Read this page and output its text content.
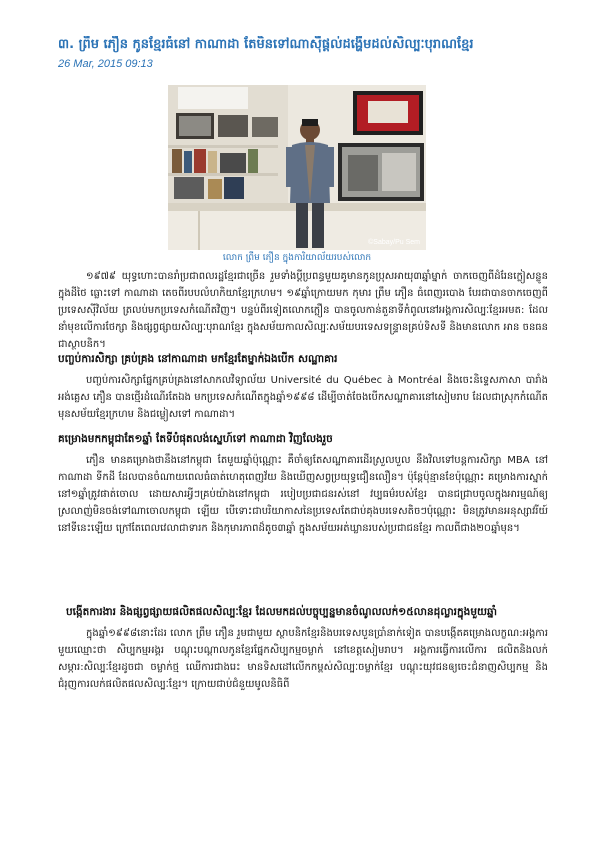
៣. ព្រឹម ភឿន កូនខ្មែរធំនៅ កាណាដា តែមិនទៅណាស៊ីផ្តល់ដង្ហើមដល់សិល្បៈបុរាណខ្មែរ
26 Mar, 2015 09:13
©Sabay/Pu Sem
លោក ព្រឹម ភឿន ក្នុងការិយាល័យរបស់លោក
១៩៧៩ យុទ្ធហោះបានរាំប្រជាពលរដ្ឋខ្មែរជាច្រើន រួមទាំងប្តីប្រពន្ធមួយគូមានកូនប្រុសអាយុ៣ឆ្នាំម្នាក់ ចាកចេញពីដំរែនក្លៀសន្លូនក្នុងដីថៃ ធ្លោះទៅ កាណាដា តេចពីរបបលំហកិយាខ្មែរក្រហម។ ១៩ឆ្នាំក្រោយមក កុមារ ព្រឹម ភឿន ធំពេញរបោង បែរជាបានចាកចេញពីប្រទេសស៊ីវិល័យ ត្រលប់មកប្រទេសកំណើតវិញ។ បន្ទប់ពីរទៀតលោកក្លឿន បានចូលកាន់តួនាទីកំពូលនៅអង្គការសិល្បៈខ្មែរអមត: ដែលនាំមុខលើការថែក្សា និងផ្សព្វផ្សាយសិល្បៈបុរាណខ្មែរ ក្នុងសម័យកាលសិល្បៈសម័យបរទេសទន្ទ្រានគ្រប់ទិសទី និងមានលោក អាន ចនធន ជាស្ថាបនិក។
បញ្ចប់ការសិក្សា គ្រប់គ្រង នៅកាណាដា មកខ្មែរតែម្នាក់ឯងបើក សណ្ឋាគារ
បញ្ចប់ការសិក្សាផ្នែកគ្រប់គ្រងនៅសាកលវិទ្យាល័យ Université du Québec à Montréal និងចេះនិទ្ទេសភាសា បារាំង អង់គ្លេស ភឿន បានថ្មើរដំណើរតែឯង មកប្រទេសកំណើតក្នុងឆ្នាំ១៩៩៨ ដើម្បីចាត់ចែងបើកសណ្ឋាគារនៅសៀមរាប ដែលជាស្រុកកំណើតមុនសម័យខ្មែរក្រហម និងជម្លៀសទៅ កាណាដា។
គម្រោងមកកម្ពុជាតែ១ឆ្នាំ តែទីបំផុតលង់ស្នេហ៍ទៅ កាណាដា វិញលែងរួច
ភឿន មានគម្រោងថានឹងនៅកម្ពុជា តែមួយឆ្នាំប៉ុណ្ណោះ គឺចាំឲ្យតែសណ្ឋាគារដើរស្រួលបួល នឹងវិលទៅបន្តការសិក្សា MBA នៅ កាណាដា ទីកដី ដែលបានចំណាយពេលធំធាត់ហេតុពេញវ័យ និងឃើញសព្វប្រយុទ្ធជឿនលឿន។ ប៉ុន្តែប៉ុន្មានខែប៉ុណ្ណោះ គម្រោងការស្នាក់នៅ១ឆ្នាំត្រូវផាត់ចោល ដោយសារអ្វីៗគ្រប់យ៉ាងនៅកម្ពុជា របៀបប្រជាជនរស់នៅ វប្បធម៌របស់ខ្មែរ បានជជ្រាបចូលក្នុងអារម្មណ៍ឲ្យស្រលាញ់មិនចង់ទៅណាចោលកម្ពុជា ឡើយ បើទោះជាបរិយាកាសនៃប្រទេសតែជាប់គុងបរទេសតិចៗប៉ុណ្ណោះ មិនត្រូវមានអនុស្សាវរីយ៍នៅទីនេះឡើយ ក្រៅតែពេលវេលាជាទារក និងកុមារភាពដ៏តូច៣ឆ្នាំ ក្នុងសម័យអត់ឃ្លានរបស់ប្រជាជនខ្មែរ កាលពីជាង២០ឆ្នាំមុន។
បង្កើតការងារ និងផ្សព្វផ្សាយផលិតផលសិល្បៈខ្មែរ ដែលមកដល់បច្ចុប្បន្នមានចំណូលលក់១៥លានដុល្លារក្នុងមួយឆ្នាំ
ក្នុងឆ្នាំ១៩៩៨នោះដែរ លោក ព្រឹម ភឿន រួមជាមួយ ស្ថាបនិកខ្មែរនិងបរទេសបួនប្រាំនាក់ទៀត បានបង្កើតគម្រោងលក្ខណ:អង្គការមួយឈ្មោះថា សិប្បកម្មអង្គរ បណ្តុះបណ្តាលកូនខ្មែរផ្នែកសិប្បកម្មចម្លាក់ នៅខេត្តសៀមរាប។ អង្គការធ្វើការលើការ ផលិតនិងលក់សម្ភារ:សិល្បៈខ្មែរដូចជា ចម្លាក់ថ្ម ឈើការជាងរេះ មានទិសដៅលើកកម្ពស់សិល្បៈចម្លាក់ខ្មែរ បណ្តុះយុវជនឲ្យចេះជំនាញសិប្បកម្ម និងជំរុញការលក់ផលិតផលសិល្បៈខ្មែរ។ ក្រោយជាប់ជំនួយមូលនិធិពី
